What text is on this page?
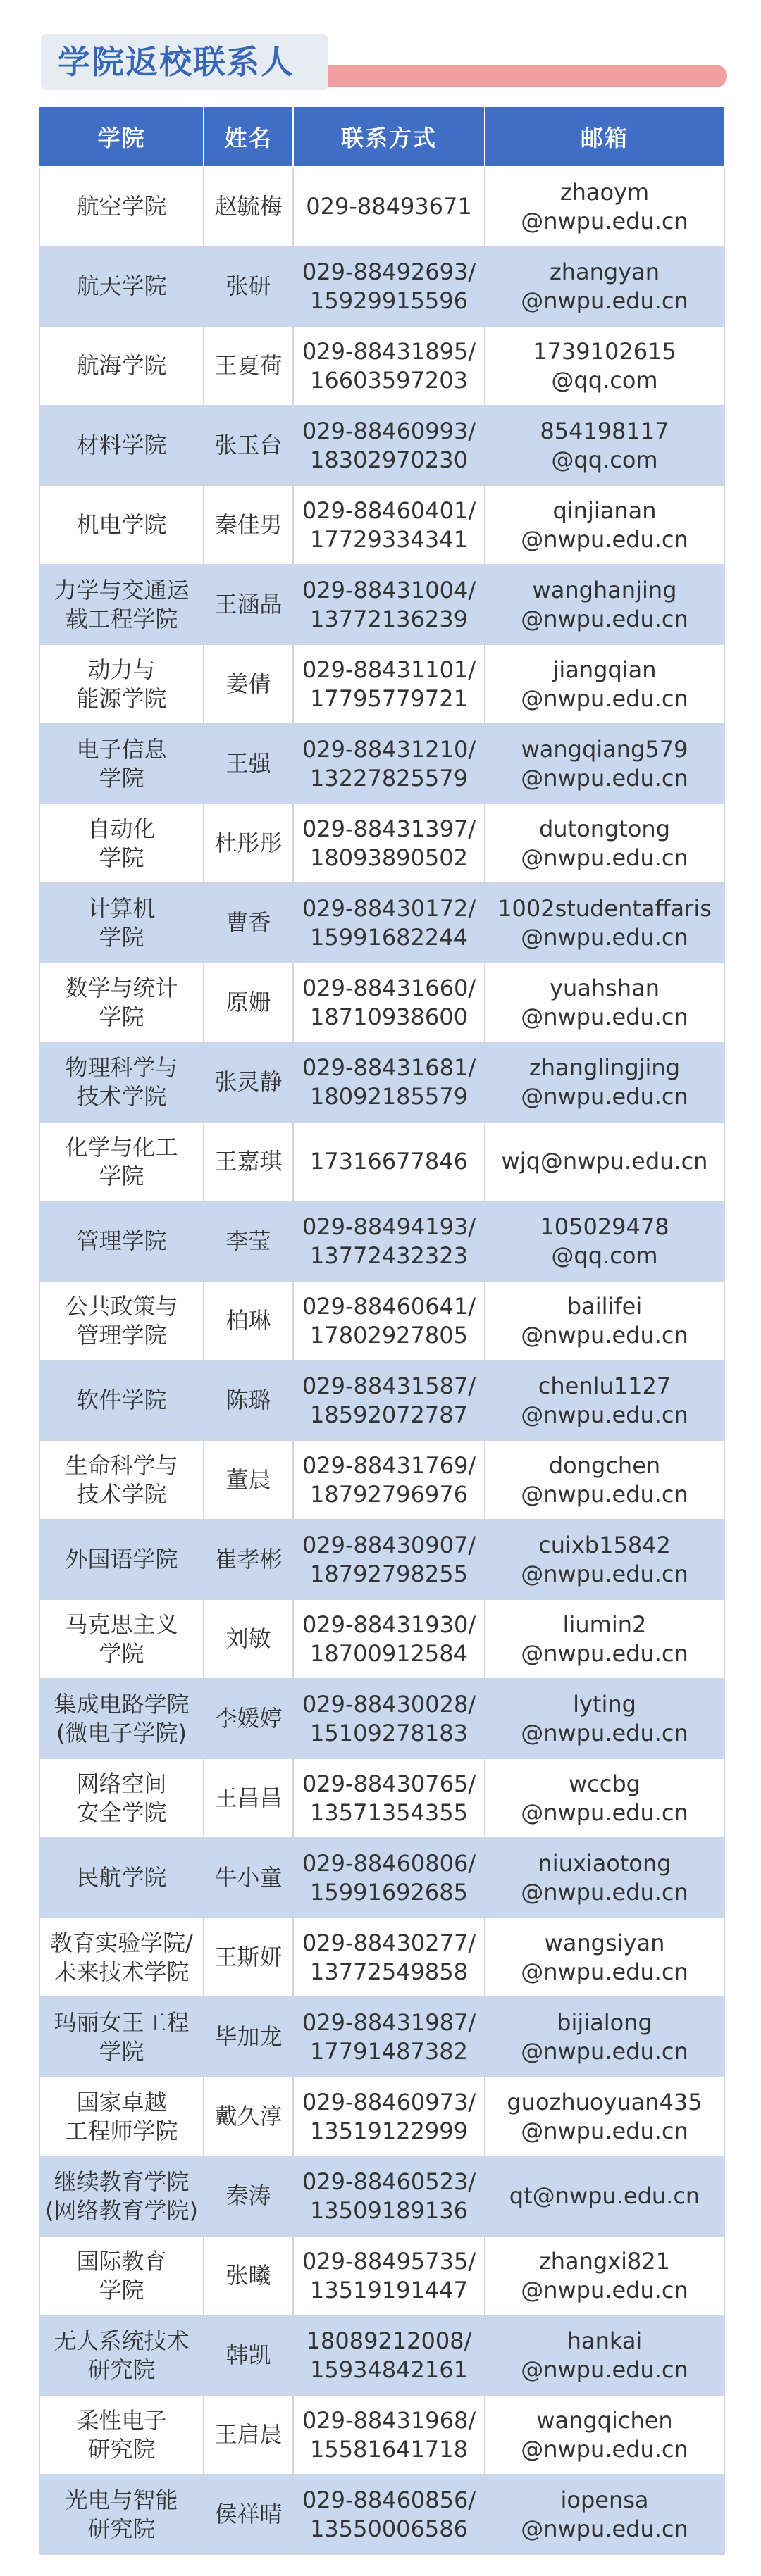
学院返校联系人
学院	姓名	联系方式	邮箱

航空学院	赵毓梅	029-88493671	zhaoym
@nwpu.edu.cn

航天学院	张研	029-88492693/
15929915596	zhangyan
@nwpu.edu.cn

航海学院	王夏荷	029-88431895/
16603597203	1739102615
@qq.com

材料学院	张玉台	029-88460993/
18302970230	854198117
@qq.com

机电学院	秦佳男	029-88460401/
17729334341	qinjianan
@nwpu.edu.cn

力学与交通运
载工程学院	王涵晶	029-88431004/
13772136239	wanghanjing
@nwpu.edu.cn

动力与
能源学院	姜倩	029-88431101/
17795779721	jiangqian
@nwpu.edu.cn

电子信息
学院	王强	029-88431210/
13227825579	wangqiang579
@nwpu.edu.cn

自动化
学院	杜彤彤	029-88431397/
18093890502	dutongtong
@nwpu.edu.cn

计算机
学院	曹香	029-88430172/
15991682244	1002studentaffaris
@nwpu.edu.cn

数学与统计
学院	原姗	029-88431660/
18710938600	yuahshan
@nwpu.edu.cn

物理科学与
技术学院	张灵静	029-88431681/
18092185579	zhanglingjing
@nwpu.edu.cn

化学与化工
学院	王嘉琪	17316677846	wjq@nwpu.edu.cn

管理学院	李莹	029-88494193/
13772432323	105029478
@qq.com

公共政策与
管理学院	柏琳	029-88460641/
17802927805	bailifei
@nwpu.edu.cn

软件学院	陈璐	029-88431587/
18592072787	chenlu1127
@nwpu.edu.cn

生命科学与
技术学院	董晨	029-88431769/
18792796976	dongchen
@nwpu.edu.cn

外国语学院	崔孝彬	029-88430907/
18792798255	cuixb15842
@nwpu.edu.cn

马克思主义
学院	刘敏	029-88431930/
18700912584	liumin2
@nwpu.edu.cn

集成电路学院
(微电子学院)	李媛婷	029-88430028/
15109278183	lyting
@nwpu.edu.cn

网络空间
安全学院	王昌昌	029-88430765/
13571354355	wccbg
@nwpu.edu.cn

民航学院	牛小童	029-88460806/
15991692685	niuxiaotong
@nwpu.edu.cn

教育实验学院/
未来技术学院	王斯妍	029-88430277/
13772549858	wangsiyan
@nwpu.edu.cn

玛丽女王工程
学院	毕加龙	029-88431987/
17791487382	bijialong
@nwpu.edu.cn

国家卓越
工程师学院	戴久淳	029-88460973/
13519122999	guozhuoyuan435
@nwpu.edu.cn

继续教育学院
(网络教育学院)	秦涛	029-88460523/
13509189136	qt@nwpu.edu.cn

国际教育
学院	张曦	029-88495735/
13519191447	zhangxi821
@nwpu.edu.cn

无人系统技术
研究院	韩凯	18089212008/
15934842161	hankai
@nwpu.edu.cn

柔性电子
研究院	王启晨	029-88431968/
15581641718	wangqichen
@nwpu.edu.cn

光电与智能
研究院	侯祥晴	029-88460856/
13550006586	iopensa
@nwpu.edu.cn
